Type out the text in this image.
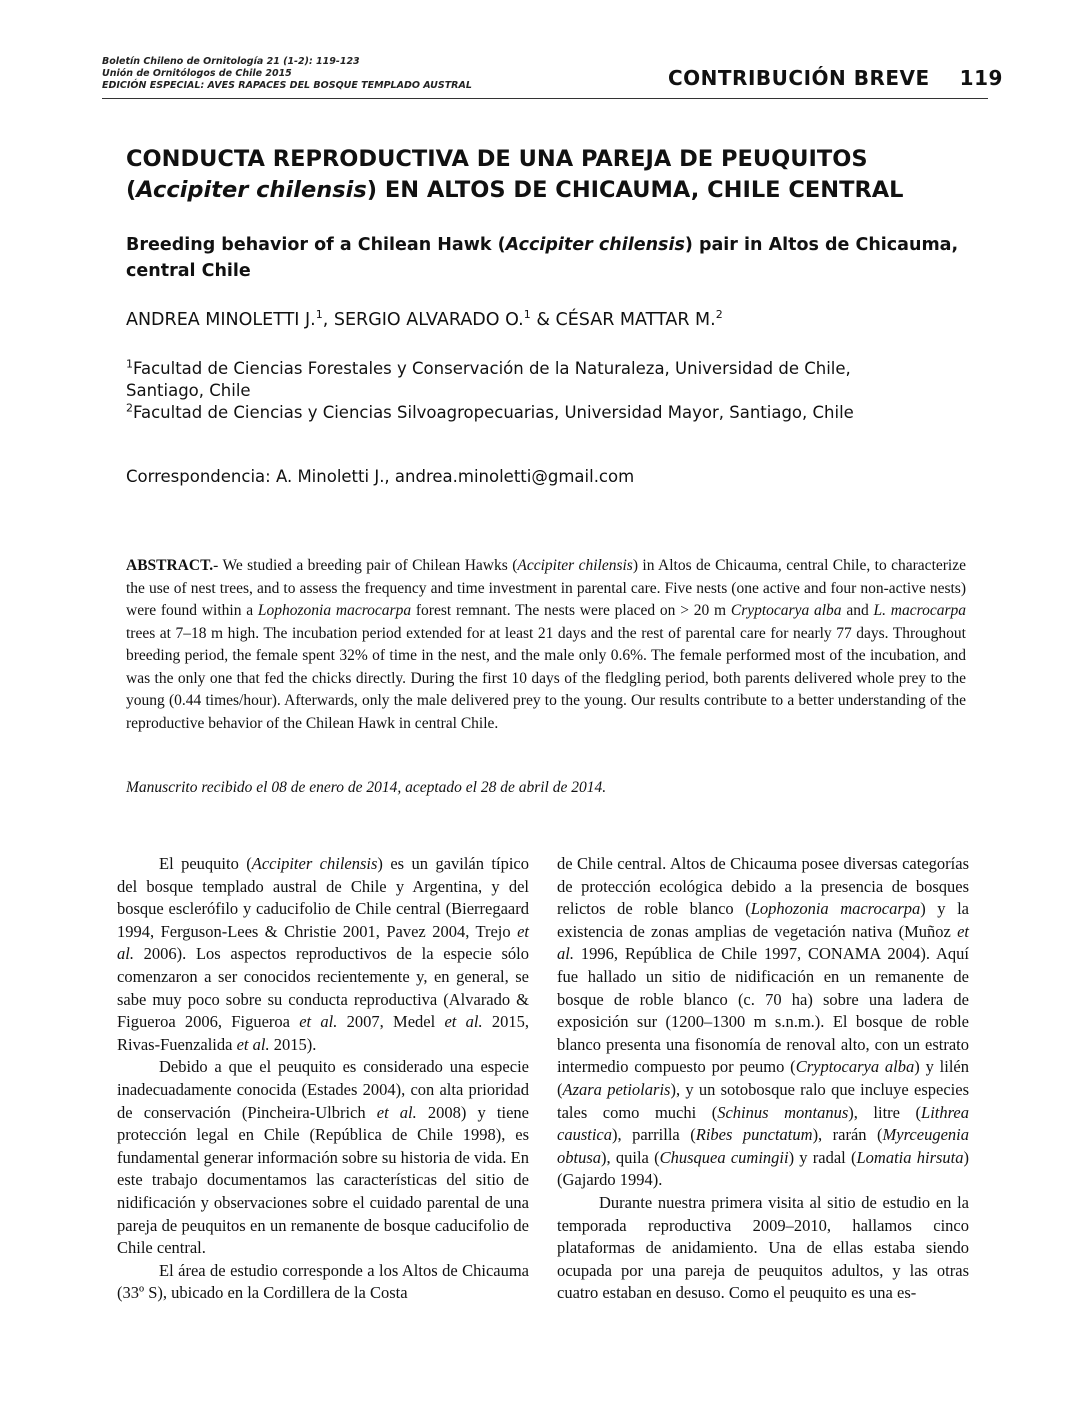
Boletín Chileno de Ornitología 21 (1-2): 119-123
Unión de Ornitólogos de Chile 2015
EDICIÓN ESPECIAL: AVES RAPACES DEL BOSQUE TEMPLADO AUSTRAL	CONTRIBUCIÓN BREVE 119
CONDUCTA REPRODUCTIVA DE UNA PAREJA DE PEUQUITOS
(Accipiter chilensis) EN ALTOS DE CHICAUMA, CHILE CENTRAL
Breeding behavior of a Chilean Hawk (Accipiter chilensis) pair in Altos de Chicauma, central Chile
ANDREA MINOLETTI J.$^1$, SERGIO ALVARADO O.$^1$ & CÉSAR MATTAR M.$^2$
$^1$Facultad de Ciencias Forestales y Conservación de la Naturaleza, Universidad de Chile,
Santiago, Chile
$^2$Facultad de Ciencias y Ciencias Silvoagropecuarias, Universidad Mayor, Santiago, Chile
Correspondencia: A. Minoletti J., andrea.minoletti@gmail.com
ABSTRACT.- We studied a breeding pair of Chilean Hawks (Accipiter chilensis) in Altos de Chicauma, central Chile, to characterize the use of nest trees, and to assess the frequency and time investment in parental care. Five nests (one active and four non-active nests) were found within a Lophozonia macrocarpa forest remnant. The nests were placed on > 20 m Cryptocarya alba and L. macrocarpa trees at 7–18 m high. The incubation period extended for at least 21 days and the rest of parental care for nearly 77 days. Throughout breeding period, the female spent 32% of time in the nest, and the male only 0.6%. The female performed most of the incubation, and was the only one that fed the chicks directly. During the first 10 days of the fledgling period, both parents delivered whole prey to the young (0.44 times/hour). Afterwards, only the male delivered prey to the young. Our results contribute to a better understanding of the reproductive behavior of the Chilean Hawk in central Chile.
Manuscrito recibido el 08 de enero de 2014, aceptado el 28 de abril de 2014.

El peuquito (Accipiter chilensis) es un gavilán típico del bosque templado austral de Chile y Argentina, y del bosque esclerófilo y caducifolio de Chile central (Bierregaard 1994, Ferguson-Lees & Christie 2001, Pavez 2004, Trejo et al. 2006). Los aspectos reproductivos de la especie sólo comenzaron a ser conocidos recientemente y, en general, se sabe muy poco sobre su conducta reproductiva (Alvarado & Figueroa 2006, Figueroa et al. 2007, Medel et al. 2015, Rivas-Fuenzalida et al. 2015).

Debido a que el peuquito es considerado una especie inadecuadamente conocida (Estades 2004), con alta prioridad de conservación (Pincheira-Ulbrich et al. 2008) y tiene protección legal en Chile (República de Chile 1998), es fundamental generar información sobre su historia de vida. En este trabajo documentamos las características del sitio de nidificación y observaciones sobre el cuidado parental de una pareja de peuquitos en un remanente de bosque caducifolio de Chile central.

El área de estudio corresponde a los Altos de Chicauma (33º S), ubicado en la Cordillera de la Costa

de Chile central. Altos de Chicauma posee diversas categorías de protección ecológica debido a la presencia de bosques relictos de roble blanco (Lophozonia macrocarpa) y la existencia de zonas amplias de vegetación nativa (Muñoz et al. 1996, República de Chile 1997, CONAMA 2004). Aquí fue hallado un sitio de nidificación en un remanente de bosque de roble blanco (c. 70 ha) sobre una ladera de exposición sur (1200–1300 m s.n.m.). El bosque de roble blanco presenta una fisonomía de renoval alto, con un estrato intermedio compuesto por peumo (Cryptocarya alba) y lilén (Azara petiolaris), y un sotobosque ralo que incluye especies tales como muchi (Schinus montanus), litre (Lithrea caustica), parrilla (Ribes punctatum), rarán (Myrceugenia obtusa), quila (Chusquea cumingii) y radal (Lomatia hirsuta) (Gajardo 1994).

Durante nuestra primera visita al sitio de estudio en la temporada reproductiva 2009–2010, hallamos cinco plataformas de anidamiento. Una de ellas estaba siendo ocupada por una pareja de peuquitos adultos, y las otras cuatro estaban en desuso. Como el peuquito es una es-
